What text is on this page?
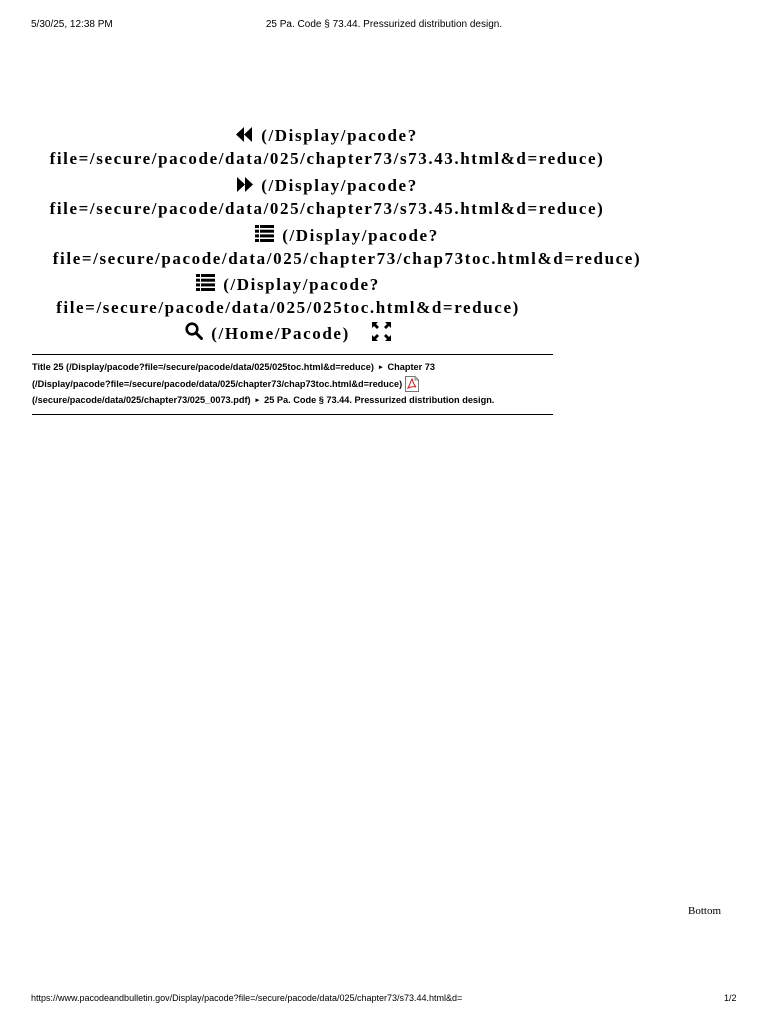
5/30/25, 12:38 PM	25 Pa. Code § 73.44. Pressurized distribution design.
(/Display/pacode?
file=/secure/pacode/data/025/chapter73/s73.43.html&d=reduce)
(/Display/pacode?
file=/secure/pacode/data/025/chapter73/s73.45.html&d=reduce)
(/Display/pacode?
file=/secure/pacode/data/025/chapter73/chap73toc.html&d=reduce)
(/Display/pacode?
file=/secure/pacode/data/025/025toc.html&d=reduce)
(/Home/Pacode)
Title 25 (/Display/pacode?file=/secure/pacode/data/025/025toc.html&d=reduce) ▸ Chapter 73
(/Display/pacode?file=/secure/pacode/data/025/chapter73/chap73toc.html&d=reduce)
(/secure/pacode/data/025/chapter73/025_0073.pdf) ▸ 25 Pa. Code § 73.44. Pressurized distribution design.
Bottom
https://www.pacodeandbulletin.gov/Display/pacode?file=/secure/pacode/data/025/chapter73/s73.44.html&d=	1/2
